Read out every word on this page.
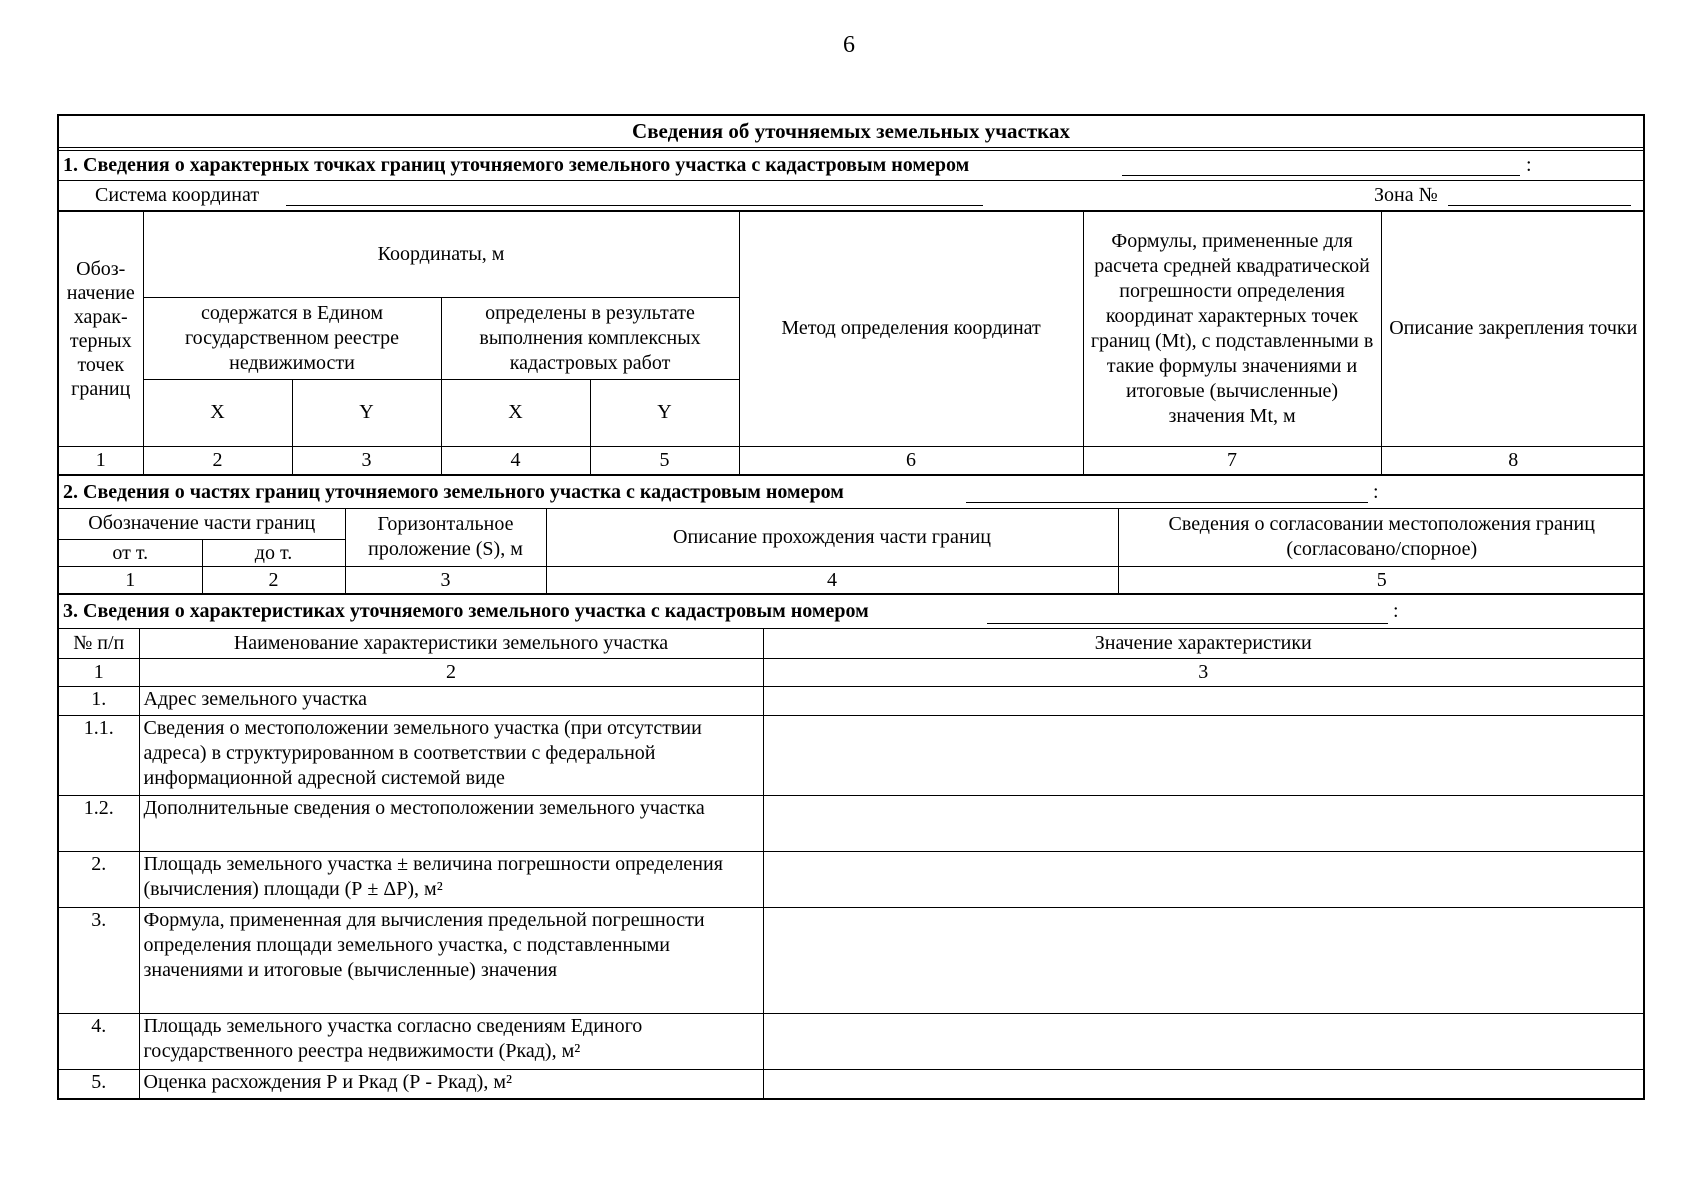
6
Сведения об уточняемых земельных участках
1. Сведения о характерных точках границ уточняемого земельного участка с кадастровым номером	:
Система координат	Зона №
Обоз-начение харак-терных точек границ	Координаты, м				Метод определения координат	Формулы, примененные для расчета средней квадратической погрешности определения координат характерных точек границ (Mt), с подставленными в такие формулы значениями и итоговые (вычисленные) значения Mt, м	Описание закрепления точки
	содержатся в Едином государственном реестре недвижимости		определены в результате выполнения комплексных кадастровых работ				
	X	Y	X	Y			
1	2	3	4	5	6	7	8
2. Сведения о частях границ уточняемого земельного участка с кадастровым номером	:
Обозначение части границ		Горизонтальное проложение (S), м	Описание прохождения части границ	Сведения о согласовании местоположения границ (согласовано/спорное)
от т.	до т.			
1	2	3	4	5
3. Сведения о характеристиках уточняемого земельного участка с кадастровым номером	:
№ п/п	Наименование характеристики земельного участка	Значение характеристики
1	2	3
1.	Адрес земельного участка	
1.1.	Сведения о местоположении земельного участка (при отсутствии адреса) в структурированном в соответствии с федеральной информационной адресной системой виде	
1.2.	Дополнительные сведения о местоположении земельного участка	
2.	Площадь земельного участка ± величина погрешности определения (вычисления) площади (Р ± ΔР), м²	
3.	Формула, примененная для вычисления предельной погрешности определения площади земельного участка, с подставленными значениями и итоговые (вычисленные) значения	
4.	Площадь земельного участка согласно сведениям Единого государственного реестра недвижимости (Ркад), м²	
5.	Оценка расхождения Р и Ркад (Р - Ркад), м²	
